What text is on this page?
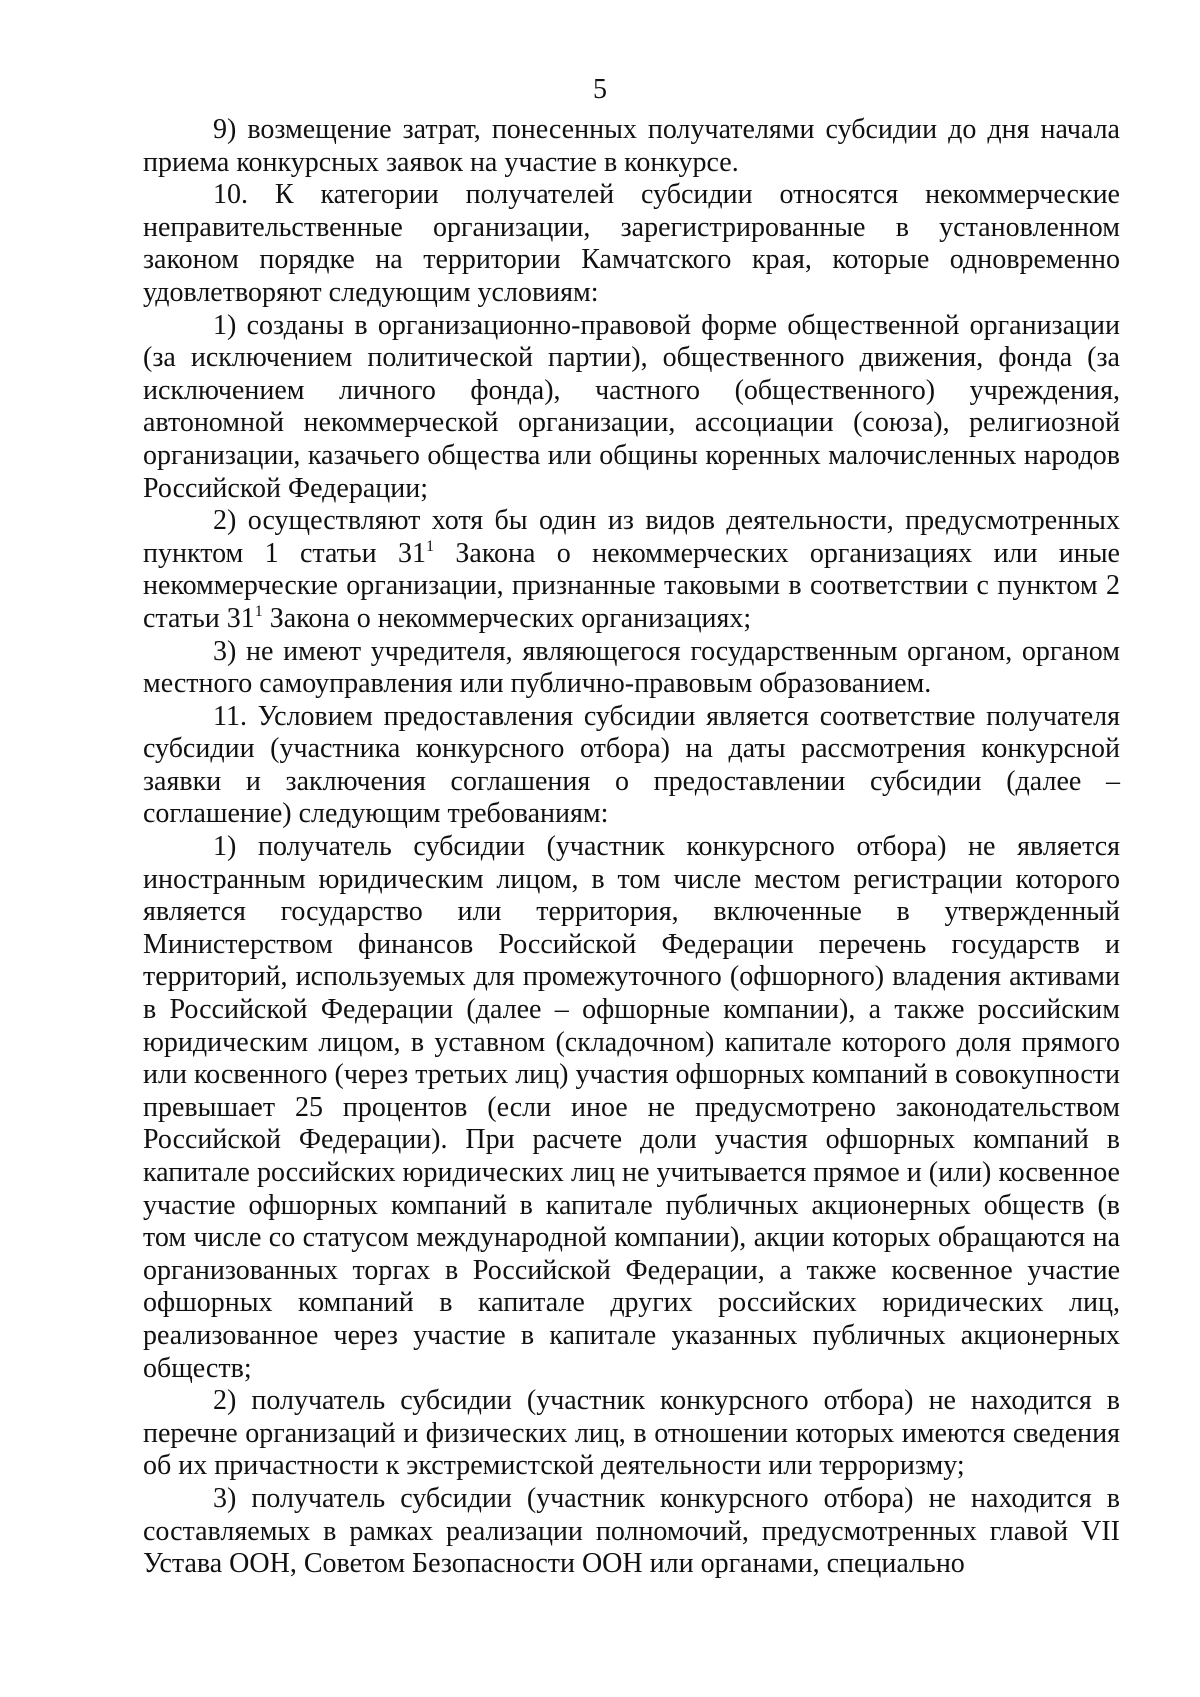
5

9) возмещение затрат, понесенных получателями субсидии до дня начала приема конкурсных заявок на участие в конкурсе.

10. К категории получателей субсидии относятся некоммерческие неправительственные организации, зарегистрированные в установленном законом порядке на территории Камчатского края, которые одновременно удовлетворяют следующим условиям:

1) созданы в организационно-правовой форме общественной организации (за исключением политической партии), общественного движения, фонда (за исключением личного фонда), частного (общественного) учреждения, автономной некоммерческой организации, ассоциации (союза), религиозной организации, казачьего общества или общины коренных малочисленных народов Российской Федерации;

2) осуществляют хотя бы один из видов деятельности, предусмотренных пунктом 1 статьи $31^1$ Закона о некоммерческих организациях или иные некоммерческие организации, признанные таковыми в соответствии с пунктом 2 статьи $31^1$ Закона о некоммерческих организациях;

3) не имеют учредителя, являющегося государственным органом, органом местного самоуправления или публично-правовым образованием.

11. Условием предоставления субсидии является соответствие получателя субсидии (участника конкурсного отбора) на даты рассмотрения конкурсной заявки и заключения соглашения о предоставлении субсидии (далее – соглашение) следующим требованиям:

1) получатель субсидии (участник конкурсного отбора) не является иностранным юридическим лицом, в том числе местом регистрации которого является государство или территория, включенные в утвержденный Министерством финансов Российской Федерации перечень государств и территорий, используемых для промежуточного (офшорного) владения активами в Российской Федерации (далее – офшорные компании), а также российским юридическим лицом, в уставном (складочном) капитале которого доля прямого или косвенного (через третьих лиц) участия офшорных компаний в совокупности превышает 25 процентов (если иное не предусмотрено законодательством Российской Федерации). При расчете доли участия офшорных компаний в капитале российских юридических лиц не учитывается прямое и (или) косвенное участие офшорных компаний в капитале публичных акционерных обществ (в том числе со статусом международной компании), акции которых обращаются на организованных торгах в Российской Федерации, а также косвенное участие офшорных компаний в капитале других российских юридических лиц, реализованное через участие в капитале указанных публичных акционерных обществ;

2) получатель субсидии (участник конкурсного отбора) не находится в перечне организаций и физических лиц, в отношении которых имеются сведения об их причастности к экстремистской деятельности или терроризму;

3) получатель субсидии (участник конкурсного отбора) не находится в составляемых в рамках реализации полномочий, предусмотренных главой VII Устава ООН, Советом Безопасности ООН или органами, специально
